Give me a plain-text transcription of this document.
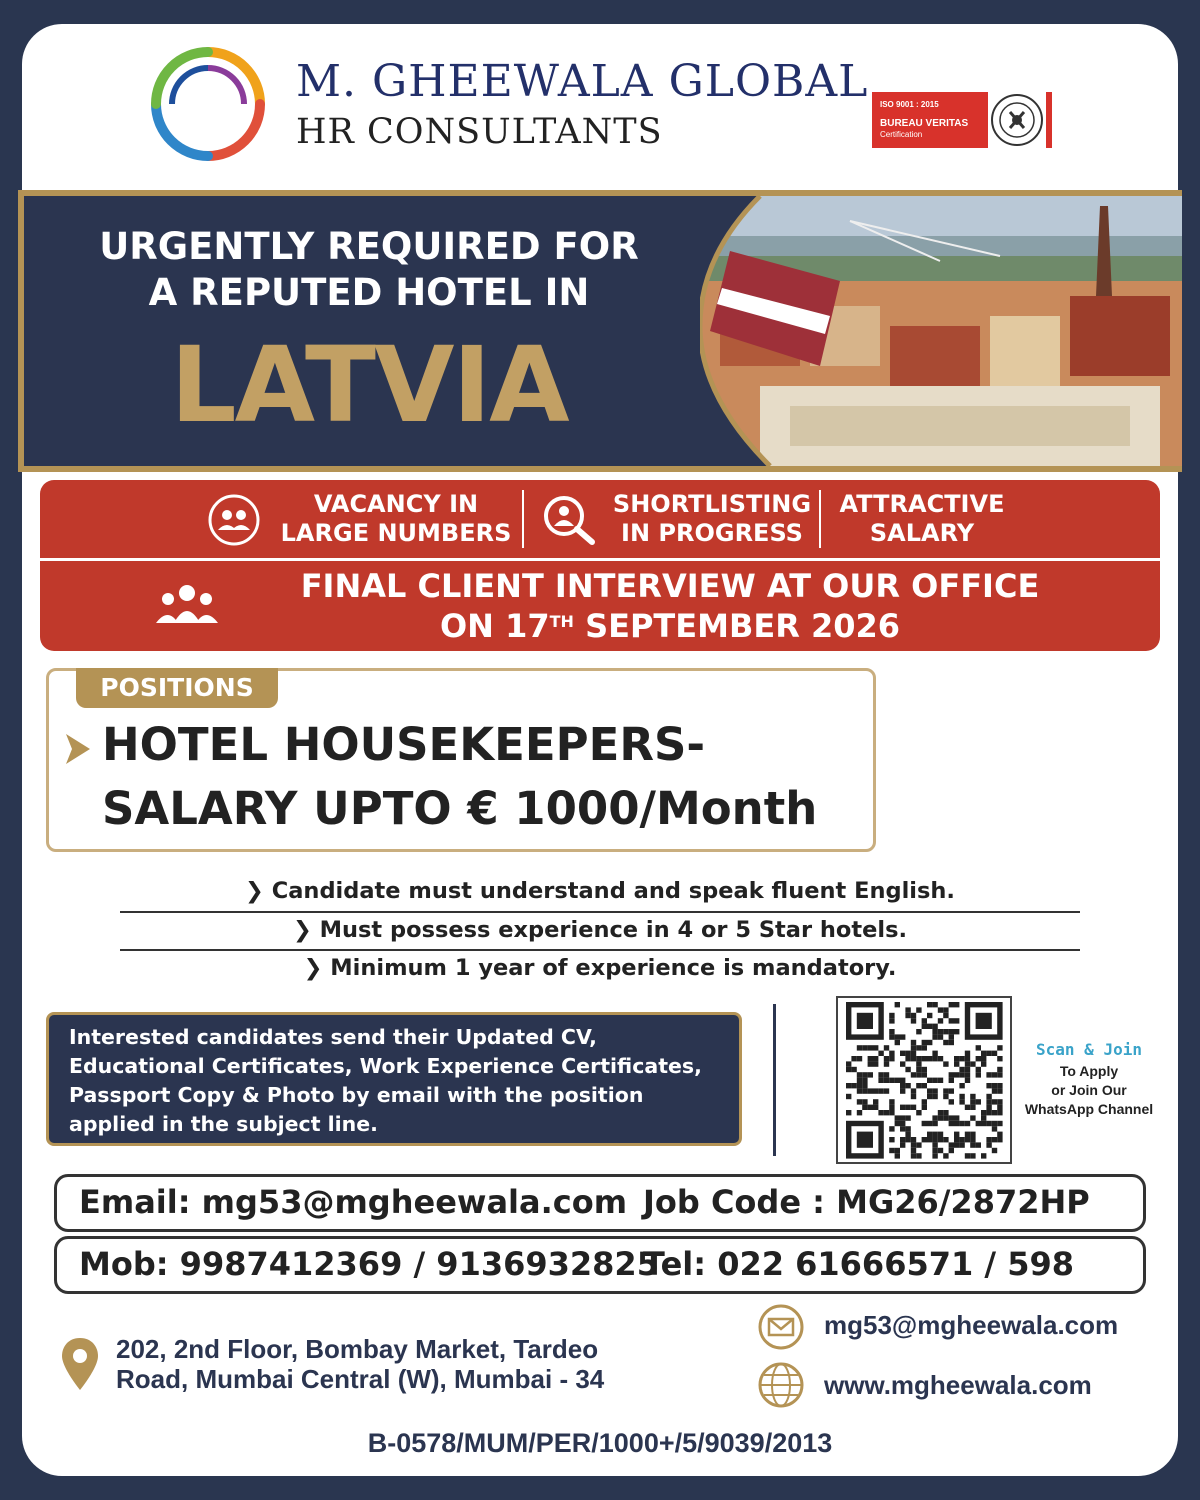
M. GHEEWALA GLOBAL
HR CONSULTANTS
ISO 9001 : 2015
BUREAU VERITAS
Certification
URGENTLY REQUIRED FOR
A REPUTED HOTEL IN
LATVIA
VACANCY IN
LARGE NUMBERS
SHORTLISTING
IN PROGRESS
ATTRACTIVE
SALARY
FINAL CLIENT INTERVIEW AT OUR OFFICE
ON 17TH SEPTEMBER 2026
POSITIONS
HOTEL HOUSEKEEPERS-
SALARY UPTO € 1000/Month
❯ Candidate must understand and speak fluent English.
❯ Must possess experience in 4 or 5 Star hotels.
❯ Minimum 1 year of experience is mandatory.
Interested candidates send their Updated CV, Educational Certificates, Work Experience Certificates, Passport Copy & Photo by email with the position applied in the subject line.
Scan & Join
To Apply
or Join Our
WhatsApp Channel
Email: mg53@mgheewala.com Job Code : MG26/2872HP
Mob: 9987412369 / 9136932825
Tel: 022 61666571 / 598
202, 2nd Floor, Bombay Market, Tardeo
Road, Mumbai Central (W), Mumbai - 34
mg53@mgheewala.com
www.mgheewala.com
B-0578/MUM/PER/1000+/5/9039/2013
